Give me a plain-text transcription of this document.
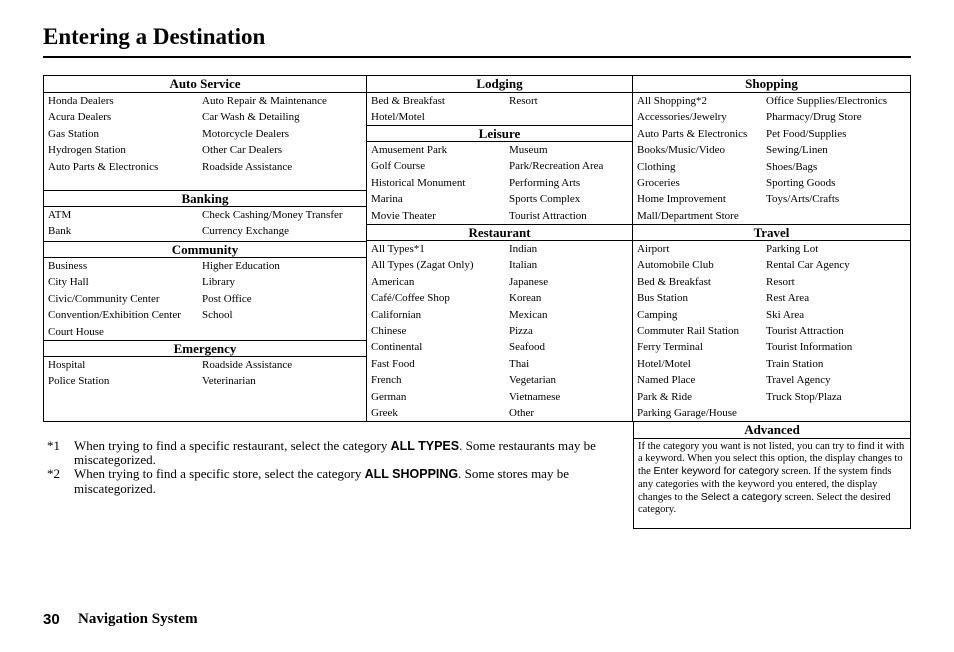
Entering a Destination
Auto Service
Honda Dealers	Auto Repair & Maintenance
Acura Dealers	Car Wash & Detailing
Gas Station	Motorcycle Dealers
Hydrogen Station	Other Car Dealers
Auto Parts & Electronics	Roadside Assistance
Banking
ATM	Check Cashing/Money Transfer
Bank	Currency Exchange
Community
Business	Higher Education
City Hall	Library
Civic/Community Center	Post Office
Convention/Exhibition Center	School
Court House
Emergency
Hospital	Roadside Assistance
Police Station	Veterinarian
Lodging
Bed & Breakfast	Resort
Hotel/Motel
Leisure
Amusement Park	Museum
Golf Course	Park/Recreation Area
Historical Monument	Performing Arts
Marina	Sports Complex
Movie Theater	Tourist Attraction
Restaurant
All Types*1	Indian
All Types (Zagat Only)	Italian
American	Japanese
Café/Coffee Shop	Korean
Californian	Mexican
Chinese	Pizza
Continental	Seafood
Fast Food	Thai
French	Vegetarian
German	Vietnamese
Greek	Other
Shopping
All Shopping*2	Office Supplies/Electronics
Accessories/Jewelry	Pharmacy/Drug Store
Auto Parts & Electronics	Pet Food/Supplies
Books/Music/Video	Sewing/Linen
Clothing	Shoes/Bags
Groceries	Sporting Goods
Home Improvement	Toys/Arts/Crafts
Mall/Department Store
Travel
Airport	Parking Lot
Automobile Club	Rental Car Agency
Bed & Breakfast	Resort
Bus Station	Rest Area
Camping	Ski Area
Commuter Rail Station	Tourist Attraction
Ferry Terminal	Tourist Information
Hotel/Motel	Train Station
Named Place	Travel Agency
Park & Ride	Truck Stop/Plaza
Parking Garage/House
Advanced
If the category you want is not listed, you can try to find it with a keyword. When you select this option, the display changes to the Enter keyword for category screen. If the system finds any categories with the keyword you entered, the display changes to the Select a category screen. Select the desired category.
*1	When trying to find a specific restaurant, select the category ALL TYPES. Some restaurants may be miscategorized.
*2	When trying to find a specific store, select the category ALL SHOPPING. Some stores may be miscategorized.
30 Navigation System
